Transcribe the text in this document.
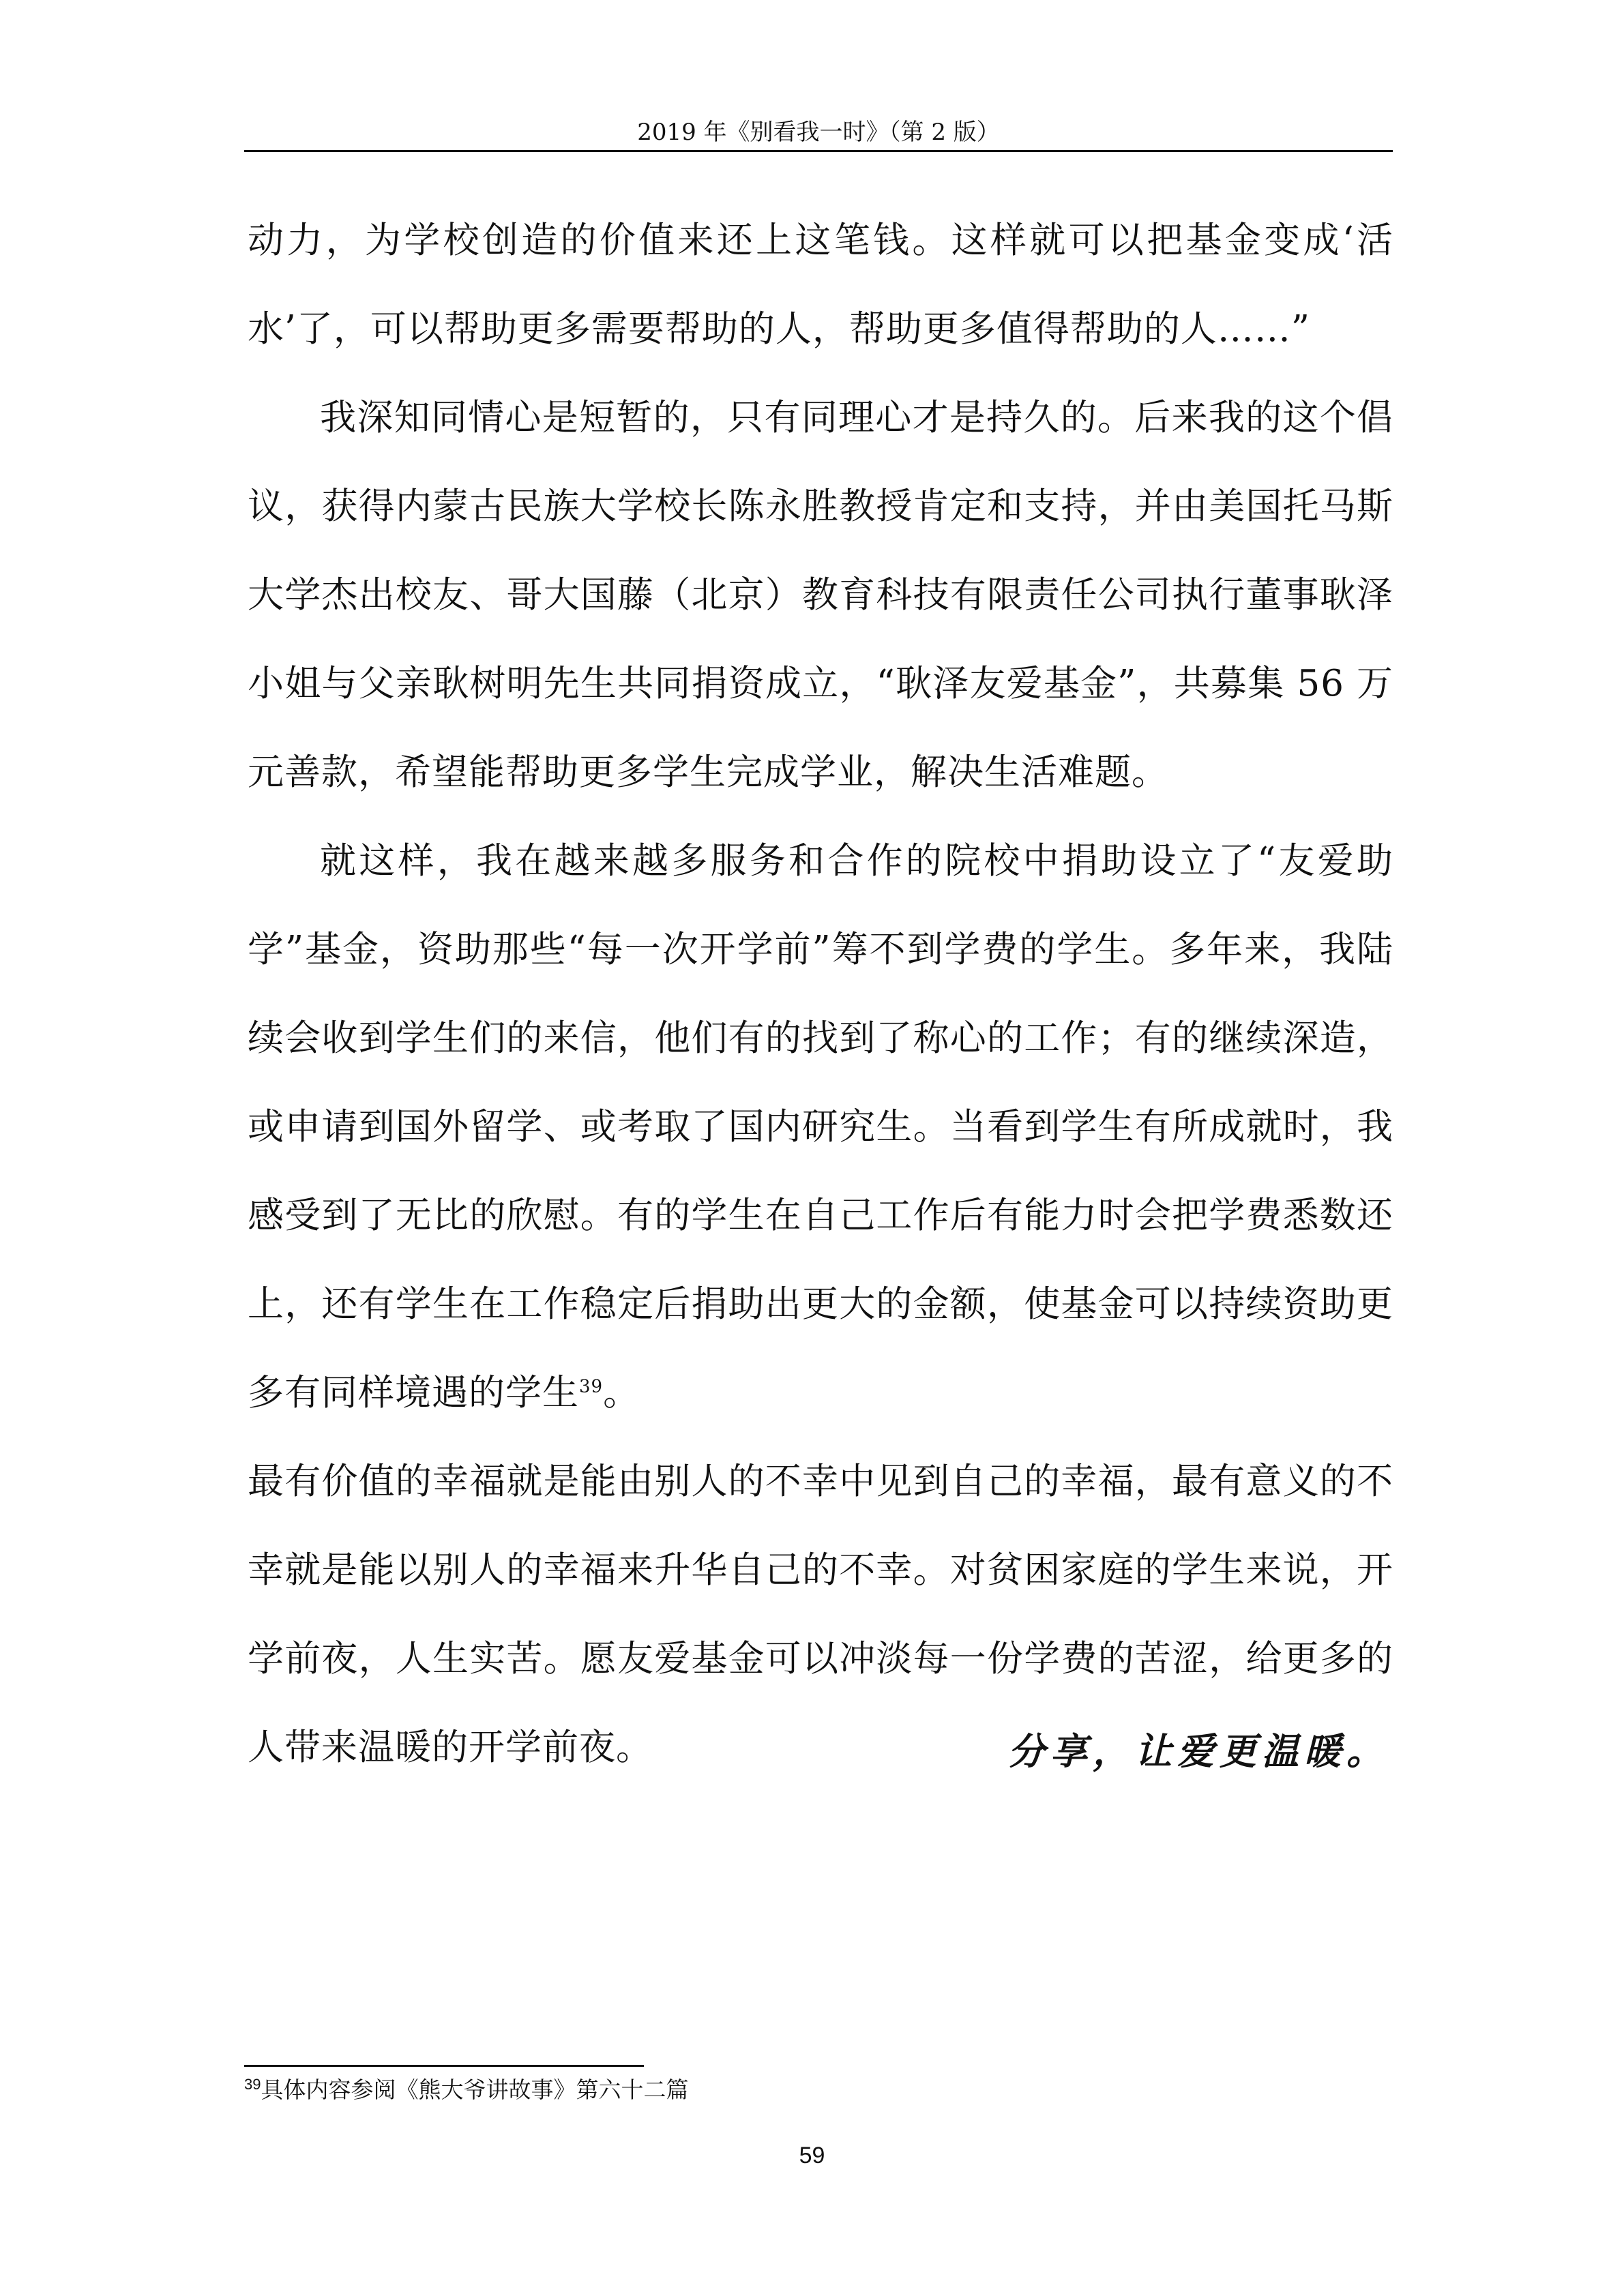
2019 年《别看我一时》（第 2 版）

动力，为学校创造的价值来还上这笔钱。这样就可以把基金变成‘活水’了，可以帮助更多需要帮助的人，帮助更多值得帮助的人……”

我深知同情心是短暂的，只有同理心才是持久的。后来我的这个倡议，获得内蒙古民族大学校长陈永胜教授肯定和支持，并由美国托马斯大学杰出校友、哥大国藤（北京）教育科技有限责任公司执行董事耿泽小姐与父亲耿树明先生共同捐资成立，“耿泽友爱基金”，共募集 56 万元善款，希望能帮助更多学生完成学业，解决生活难题。

就这样，我在越来越多服务和合作的院校中捐助设立了“友爱助学”基金，资助那些“每一次开学前”筹不到学费的学生。多年来，我陆续会收到学生们的来信，他们有的找到了称心的工作；有的继续深造，或申请到国外留学、或考取了国内研究生。当看到学生有所成就时，我感受到了无比的欣慰。有的学生在自己工作后有能力时会把学费悉数还上，还有学生在工作稳定后捐助出更大的金额，使基金可以持续资助更多有同样境遇的学生$^{39}$。

最有价值的幸福就是能由别人的不幸中见到自己的幸福，最有意义的不幸就是能以别人的幸福来升华自己的不幸。对贫困家庭的学生来说，开学前夜，人生实苦。愿友爱基金可以冲淡每一份学费的苦涩，给更多的人带来温暖的开学前夜。	分享，让爱更温暖。
$^{39}$具体内容参阅《熊大爷讲故事》第六十二篇
59
